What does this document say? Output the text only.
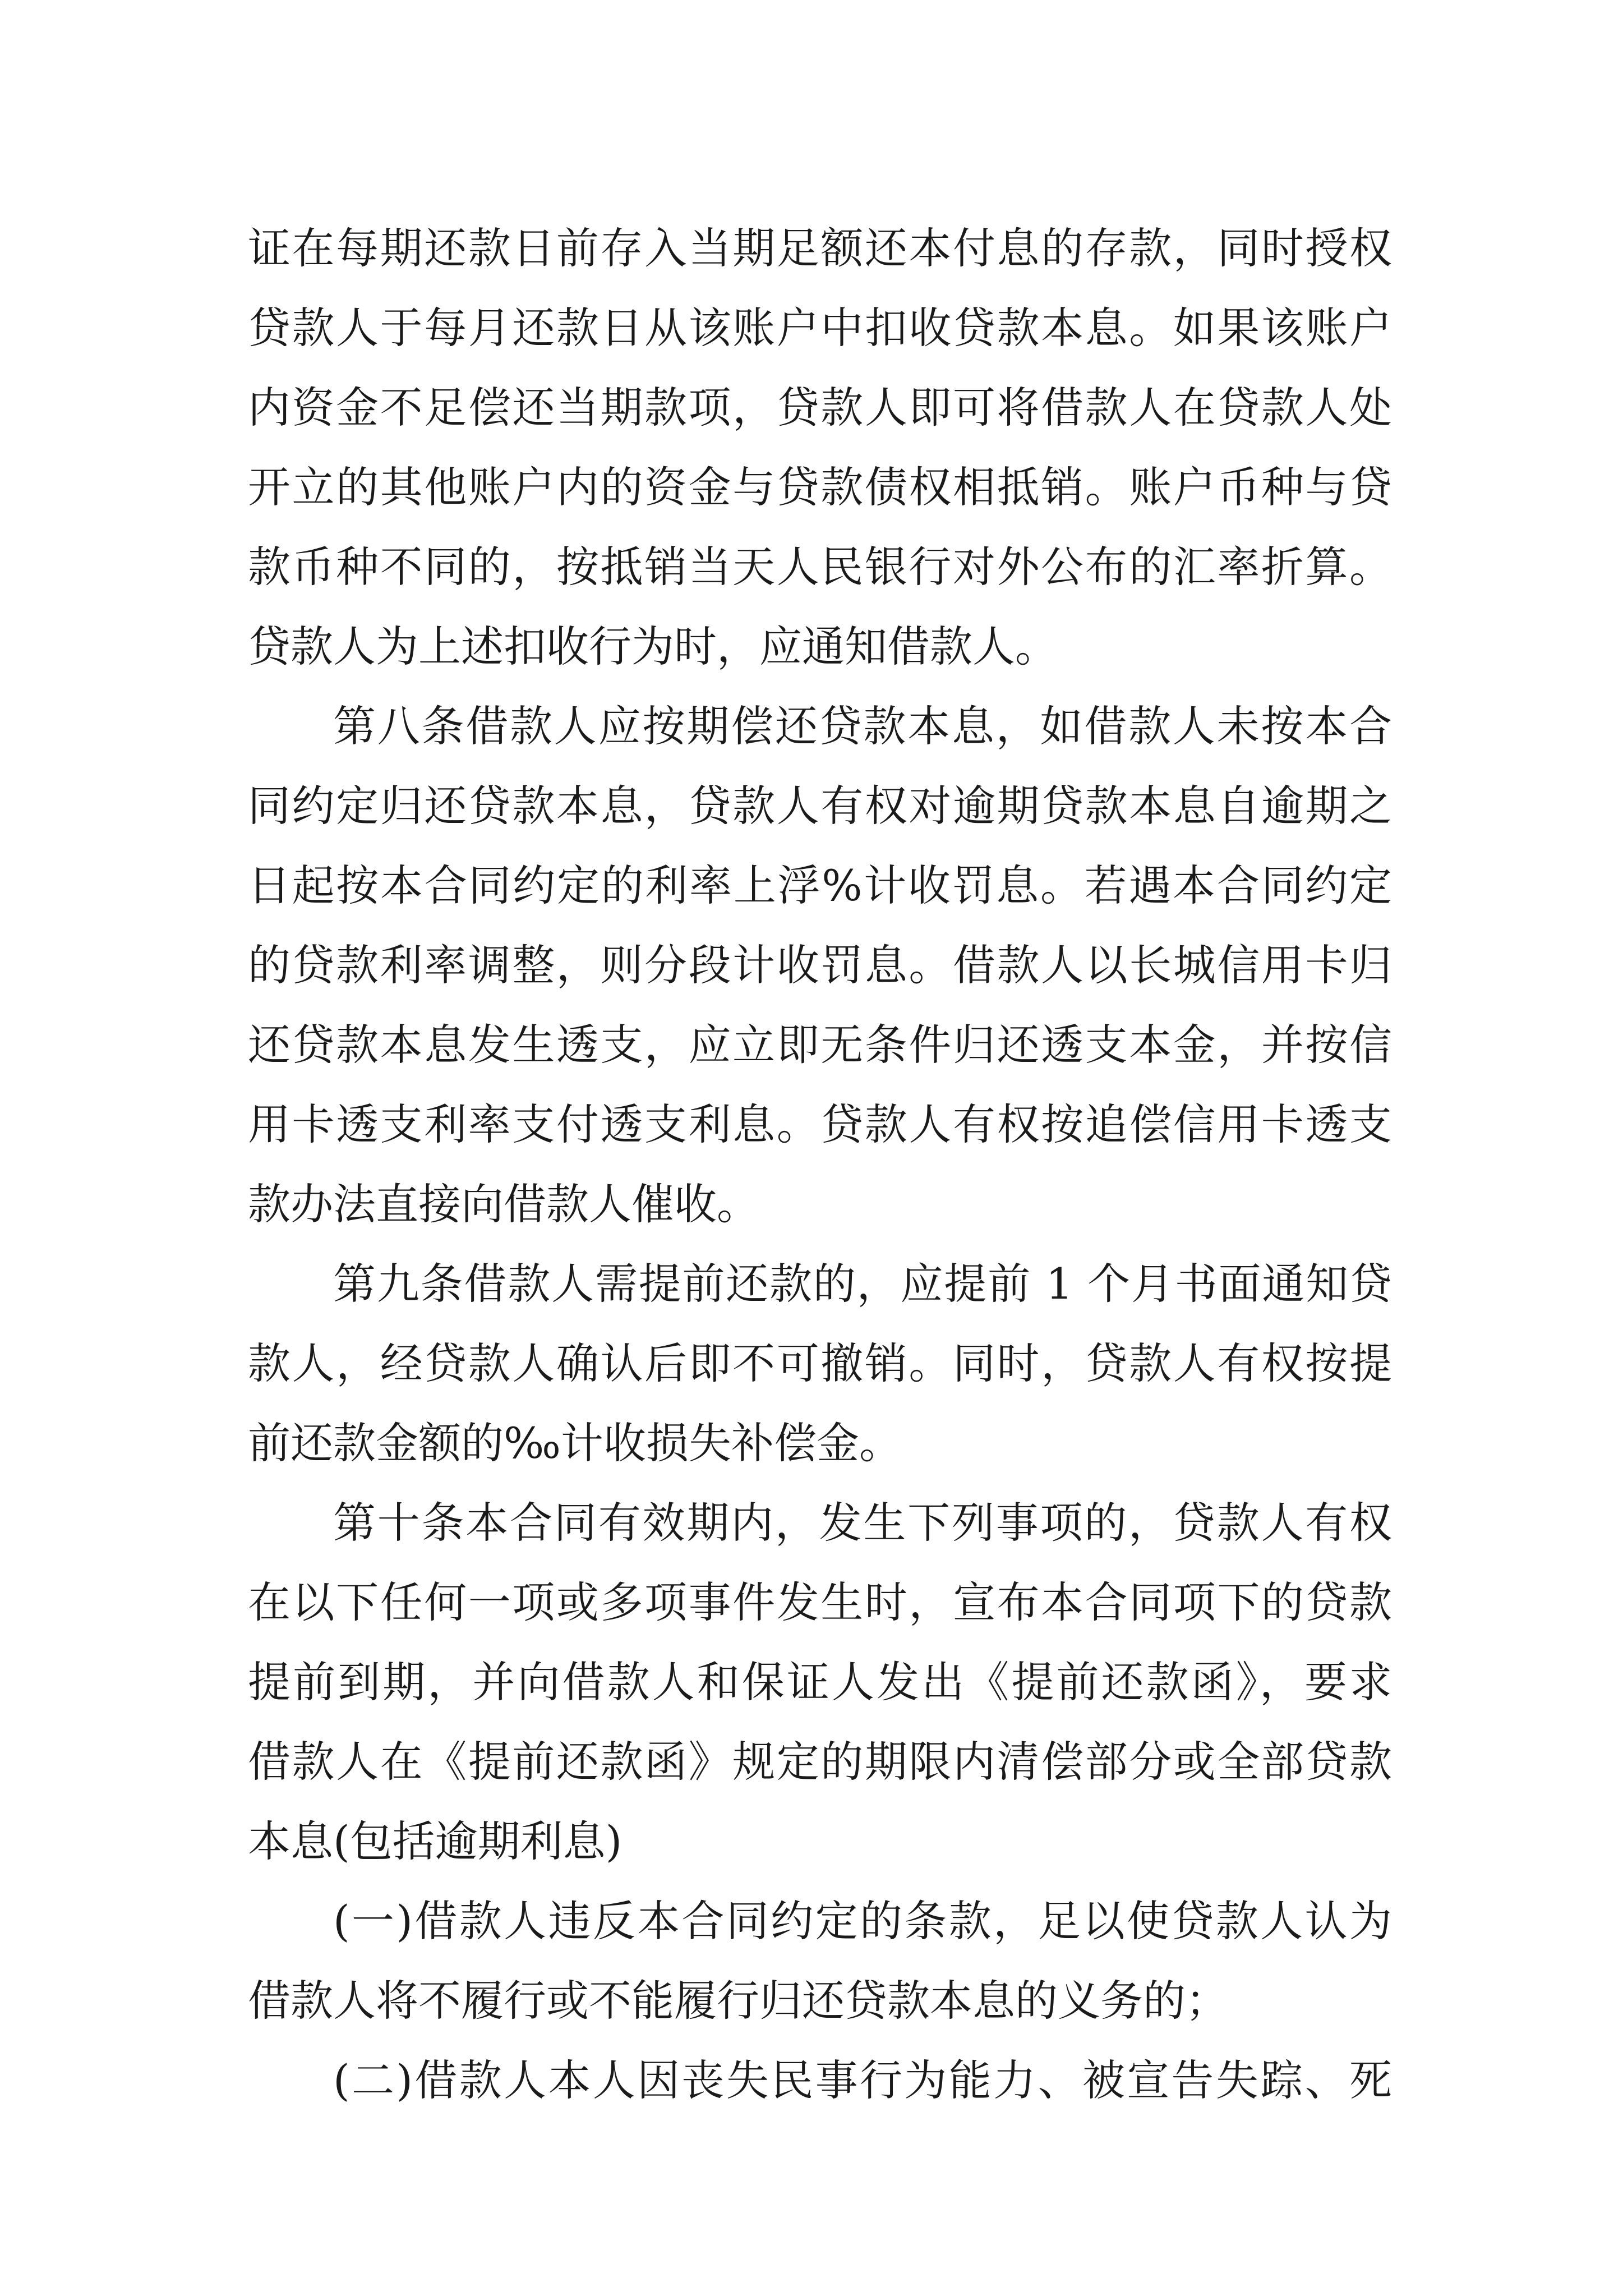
证在每期还款日前存入当期足额还本付息的存款，同时授权
贷款人于每月还款日从该账户中扣收贷款本息。如果该账户
内资金不足偿还当期款项，贷款人即可将借款人在贷款人处
开立的其他账户内的资金与贷款债权相抵销。账户币种与贷
款币种不同的，按抵销当天人民银行对外公布的汇率折算。
贷款人为上述扣收行为时，应通知借款人。

第八条借款人应按期偿还贷款本息，如借款人未按本合
同约定归还贷款本息，贷款人有权对逾期贷款本息自逾期之
日起按本合同约定的利率上浮%计收罚息。若遇本合同约定
的贷款利率调整，则分段计收罚息。借款人以长城信用卡归
还贷款本息发生透支，应立即无条件归还透支本金，并按信
用卡透支利率支付透支利息。贷款人有权按追偿信用卡透支
款办法直接向借款人催收。

第九条借款人需提前还款的，应提前 1 个月书面通知贷
款人，经贷款人确认后即不可撤销。同时，贷款人有权按提
前还款金额的‰计收损失补偿金。

第十条本合同有效期内，发生下列事项的，贷款人有权
在以下任何一项或多项事件发生时，宣布本合同项下的贷款
提前到期，并向借款人和保证人发出《提前还款函》，要求
借款人在《提前还款函》规定的期限内清偿部分或全部贷款
本息(包括逾期利息)

(一)借款人违反本合同约定的条款，足以使贷款人认为
借款人将不履行或不能履行归还贷款本息的义务的；

(二)借款人本人因丧失民事行为能力、被宣告失踪、死
